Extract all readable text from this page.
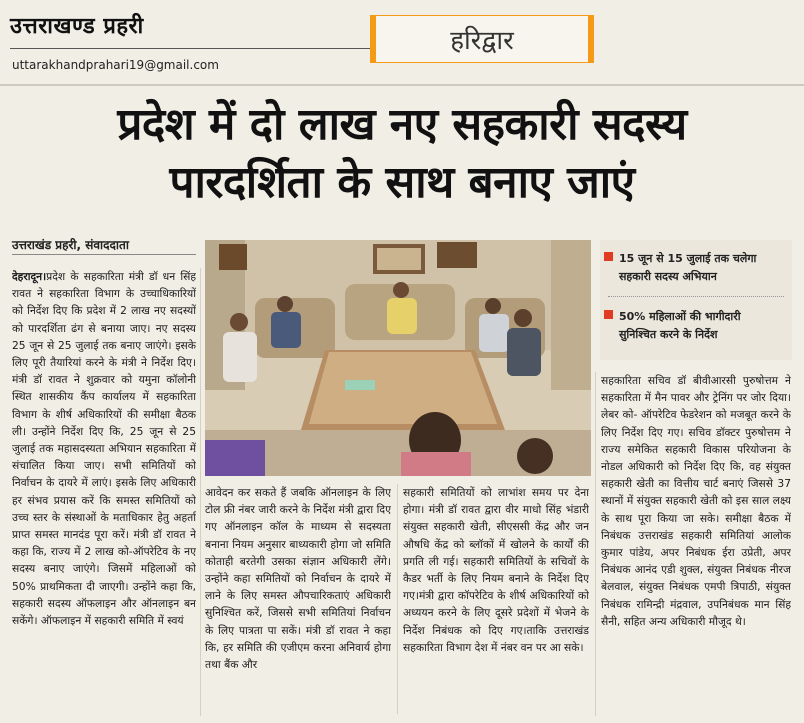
उत्तराखण्ड प्रहरी
uttarakhandprahari19@gmail.com
हरिद्वार
प्रदेश में दो लाख नए सहकारी सदस्य
पारदर्शिता के साथ बनाए जाएं
उत्तराखंड प्रहरी, संवाददाता
देहरादून।प्रदेश के सहकारिता मंत्री डॉ धन सिंह रावत ने सहकारिता विभाग के उच्चाधिकारियों को निर्देश दिए कि प्रदेश में 2 लाख नए सदस्यों को पारदर्शिता ढंग से बनाया जाए। नए सदस्य 25 जून से 25 जुलाई तक बनाए जाएंगे। इसके लिए पूरी तैयारियां करने के मंत्री ने निर्देश दिए। मंत्री डॉ रावत ने शुक्रवार को यमुना कॉलोनी स्थित शासकीय कैंप कार्यालय में सहकारिता विभाग के शीर्ष अधिकारियों की समीक्षा बैठक ली। उन्होंने निर्देश दिए कि, 25 जून से 25 जुलाई तक महासदस्यता अभियान सहकारिता में संचालित किया जाए। सभी समितियों को निर्वाचन के दायरे में लाएं। इसके लिए अधिकारी हर संभव प्रयास करें कि समस्त समितियों को उच्च स्तर के संस्थाओं के मताधिकार हेतु अहर्ता प्राप्त समस्त मानदंड पूरा करें। मंत्री डॉ रावत ने कहा कि, राज्य में 2 लाख को-ऑपरेटिव के नए सदस्य बनाए जाएंगे। जिसमें महिलाओं को 50% प्राथमिकता दी जाएगी। उन्होंने कहा कि, सहकारी सदस्य ऑफलाइन और ऑनलाइन बन सकेंगे। ऑफलाइन में सहकारी समिति में स्वयं
15 जून से 15 जुलाई तक चलेगा
सहकारी सदस्य अभियान
50% महिलाओं की भागीदारी
सुनिश्चित करने के निर्देश
आवेदन कर सकते हैं जबकि ऑनलाइन के लिए टोल फ्री नंबर जारी करने के निर्देश मंत्री द्वारा दिए गए ऑनलाइन कॉल के माध्यम से सदस्यता बनाना नियम अनुसार बाध्यकारी होगा जो समिति कोताही बरतेगी उसका संज्ञान अधिकारी लेंगे। उन्होंने कहा समितियों को निर्वाचन के दायरे में लाने के लिए समस्त औपचारिकताएं अधिकारी सुनिश्चित करें, जिससे सभी समितियां निर्वाचन के लिए पात्रता पा सकें। मंत्री डॉ रावत ने कहा कि, हर समिति की एजीएम करना अनिवार्य होगा तथा बैंक और
सहकारी समितियों को लाभांश समय पर देना होगा। मंत्री डॉ रावत द्वारा वीर माधो सिंह भंडारी संयुक्त सहकारी खेती, सीएससी केंद्र और जन औषधि केंद्र को ब्लॉकों में खोलने के कार्यों की प्रगति ली गई। सहकारी समितियों के सचिवों के कैडर भर्ती के लिए नियम बनाने के निर्देश दिए गए।मंत्री द्वारा कॉपरेटिव के शीर्ष अधिकारियों को अध्ययन करने के लिए दूसरे प्रदेशों में भेजने के निर्देश निबंधक को दिए गए।ताकि उत्तराखंड सहकारिता विभाग देश में नंबर वन पर आ सके।
सहकारिता सचिव डॉ बीवीआरसी पुरुषोत्तम ने सहकारिता में मैन पावर और ट्रेनिंग पर जोर दिया। लेबर को- ऑपरेटिव फेडरेशन को मजबूत करने के लिए निर्देश दिए गए। सचिव डॉक्टर पुरुषोत्तम ने राज्य समेकित सहकारी विकास परियोजना के नोडल अधिकारी को निर्देश दिए कि, वह संयुक्त सहकारी खेती का वित्तीय चार्ट बनाएं जिससे 37 स्थानों में संयुक्त सहकारी खेती को इस साल लक्ष्य के साथ पूरा किया जा सके। समीक्षा बैठक में निबंधक उत्तराखंड सहकारी समितियां आलोक कुमार पांडेय, अपर निबंधक ईरा उप्रेती, अपर निबंधक आनंद एडी शुक्ल, संयुक्त निबंधक नीरज बेलवाल, संयुक्त निबंधक एमपी त्रिपाठी, संयुक्त निबंधक रामिन्द्री मंद्रवाल, उपनिबंधक मान सिंह सैनी, सहित अन्य अधिकारी मौजूद थे।
